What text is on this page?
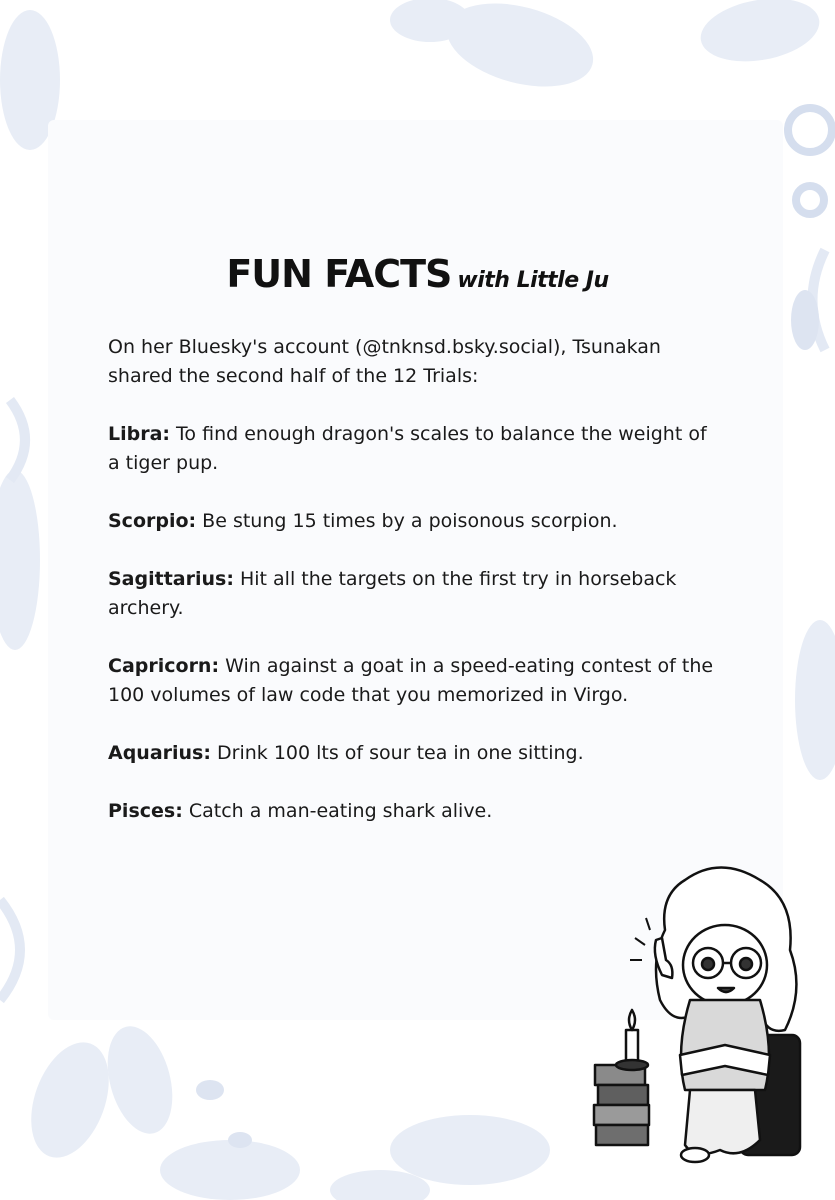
FUN FACTS with Little Ju

On her Bluesky's account (@tnknsd.bsky.social), Tsunakan shared the second half of the 12 Trials:

Libra: To find enough dragon's scales to balance the weight of a tiger pup.

Scorpio: Be stung 15 times by a poisonous scorpion.

Sagittarius: Hit all the targets on the first try in horseback archery.

Capricorn: Win against a goat in a speed-eating contest of the 100 volumes of law code that you memorized in Virgo.

Aquarius: Drink 100 lts of sour tea in one sitting.

Pisces: Catch a man-eating shark alive.
